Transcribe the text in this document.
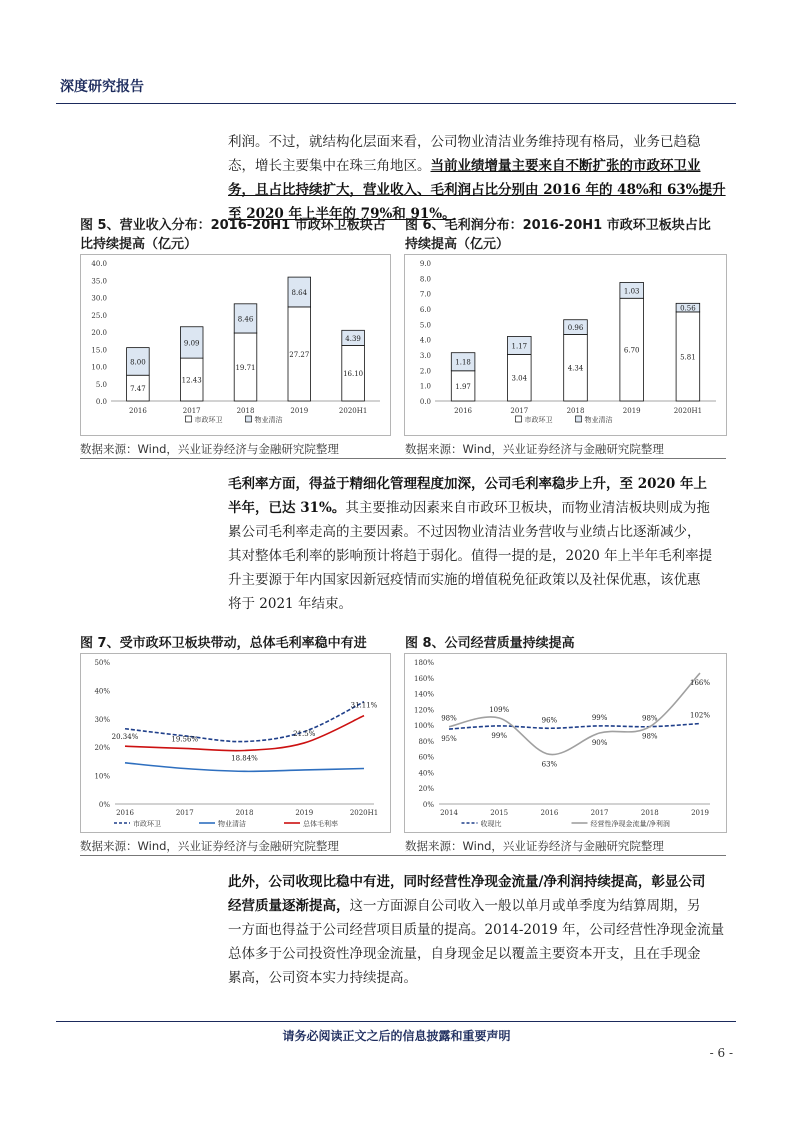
深度研究报告
利润。不过，就结构化层面来看，公司物业清洁业务维持现有格局，业务已趋稳
态，增长主要集中在珠三角地区。当前业绩增量主要来自不断扩张的市政环卫业
务，且占比持续扩大，营业收入、毛利润占比分别由 2016 年的 48%和 63%提升
至 2020 年上半年的 79%和 91%。
图 5、营业收入分布：2016-20H1 市政环卫板块占
比持续提高（亿元）
图 6、毛利润分布：2016-20H1 市政环卫板块占比
持续提高（亿元）
0.0
5.0
10.0
15.0
20.0
25.0
30.0
35.0
40.0
2016
7.47
8.00
2017
12.43
9.09
2018
19.71
8.46
2019
27.27
8.64
2020H1
16.10
4.39
市政环卫	物业清洁
0.0
1.0
2.0
3.0
4.0
5.0
6.0
7.0
8.0
9.0
2016
1.97
1.18
2017
3.04
1.17
2018
4.34
0.96
2019
6.70
1.03
2020H1
5.81
0.56
市政环卫	物业清洁
数据来源：Wind，兴业证券经济与金融研究院整理	数据来源：Wind，兴业证券经济与金融研究院整理
毛利率方面，得益于精细化管理程度加深，公司毛利率稳步上升，至 2020 年上
半年，已达 31%。其主要推动因素来自市政环卫板块，而物业清洁板块则成为拖
累公司毛利率走高的主要因素。不过因物业清洁业务营收与业绩占比逐渐减少，
其对整体毛利率的影响预计将趋于弱化。值得一提的是，2020 年上半年毛利率提
升主要源于年内国家因新冠疫情而实施的增值税免征政策以及社保优惠，该优惠
将于 2021 年结束。
图 7、受市政环卫板块带动，总体毛利率稳中有进	图 8、公司经营质量持续提高
0%
10%
20%
30%
40%
50%
2016	2017	2018	2019	2020H1
20.34%	19.56%
18.84%
21.5%
31.11%
市政环卫	物业清洁	总体毛利率
0%
20%
40%
60%
80%
100%
120%
140%
160%
180%
2014	2015	2016	2017	2018	2019
95%	99%
96%	99%
98%
102%
98%
109%
63%
90%
98%
166%
收现比	经营性净现金流量/净利润
数据来源：Wind，兴业证券经济与金融研究院整理	数据来源：Wind，兴业证券经济与金融研究院整理
此外，公司收现比稳中有进，同时经营性净现金流量/净利润持续提高，彰显公司
经营质量逐渐提高，这一方面源自公司收入一般以单月或单季度为结算周期，另
一方面也得益于公司经营项目质量的提高。2014-2019 年，公司经营性净现金流量
总体多于公司投资性净现金流量，自身现金足以覆盖主要资本开支，且在手现金
累高，公司资本实力持续提高。
请务必阅读正文之后的信息披露和重要声明
- 6 -
